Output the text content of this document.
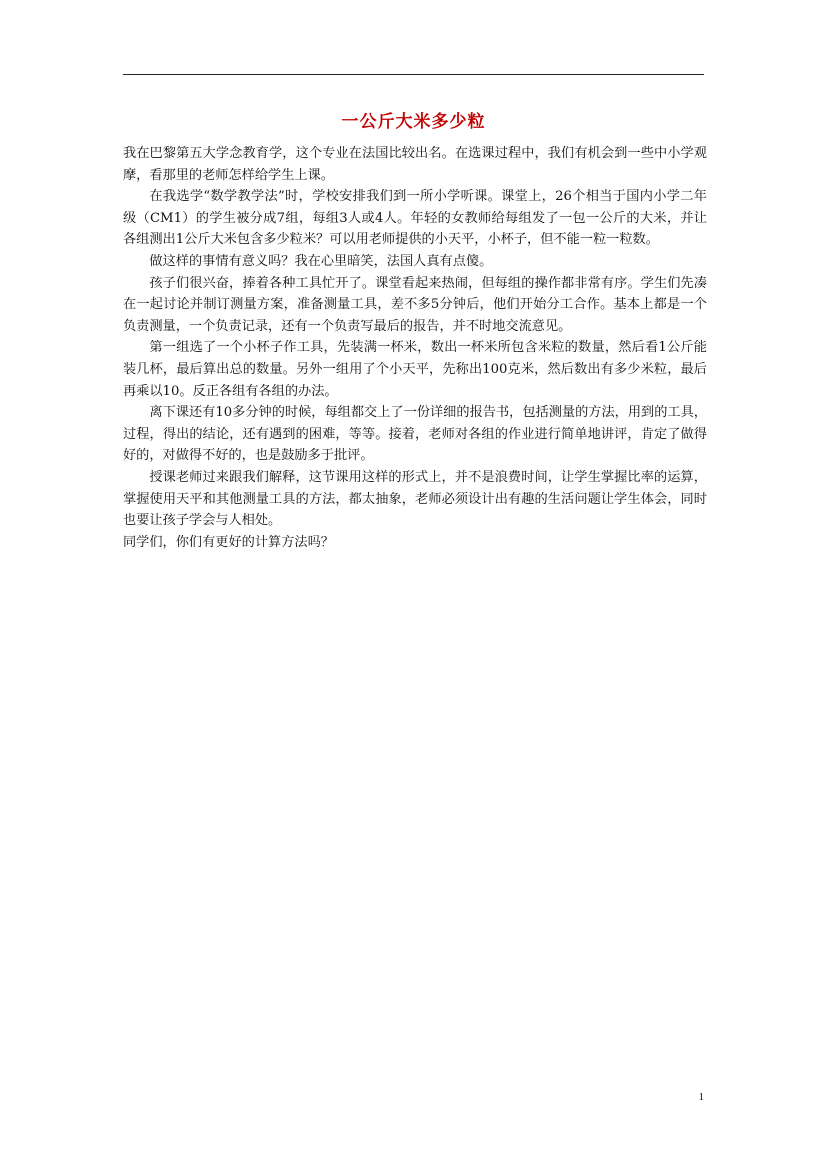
一公斤大米多少粒

我在巴黎第五大学念教育学，这个专业在法国比较出名。在选课过程中，我们有机会到一些中小学观摩，看那里的老师怎样给学生上课。

在我选学“数学教学法”时，学校安排我们到一所小学听课。课堂上，26个相当于国内小学二年级（CM1）的学生被分成7组，每组3人或4人。年轻的女教师给每组发了一包一公斤的大米，并让各组测出1公斤大米包含多少粒米？可以用老师提供的小天平，小杯子，但不能一粒一粒数。

做这样的事情有意义吗？我在心里暗笑，法国人真有点傻。

孩子们很兴奋，捧着各种工具忙开了。课堂看起来热闹，但每组的操作都非常有序。学生们先凑在一起讨论并制订测量方案，准备测量工具，差不多5分钟后，他们开始分工合作。基本上都是一个负责测量，一个负责记录，还有一个负责写最后的报告，并不时地交流意见。

第一组选了一个小杯子作工具，先装满一杯米，数出一杯米所包含米粒的数量，然后看1公斤能装几杯，最后算出总的数量。另外一组用了个小天平，先称出100克米，然后数出有多少米粒，最后再乘以10。反正各组有各组的办法。

离下课还有10多分钟的时候，每组都交上了一份详细的报告书，包括测量的方法，用到的工具，过程，得出的结论，还有遇到的困难，等等。接着，老师对各组的作业进行简单地讲评，肯定了做得好的，对做得不好的，也是鼓励多于批评。

授课老师过来跟我们解释，这节课用这样的形式上，并不是浪费时间，让学生掌握比率的运算，掌握使用天平和其他测量工具的方法，都太抽象，老师必须设计出有趣的生活问题让学生体会，同时也要让孩子学会与人相处。

同学们，你们有更好的计算方法吗？

1
